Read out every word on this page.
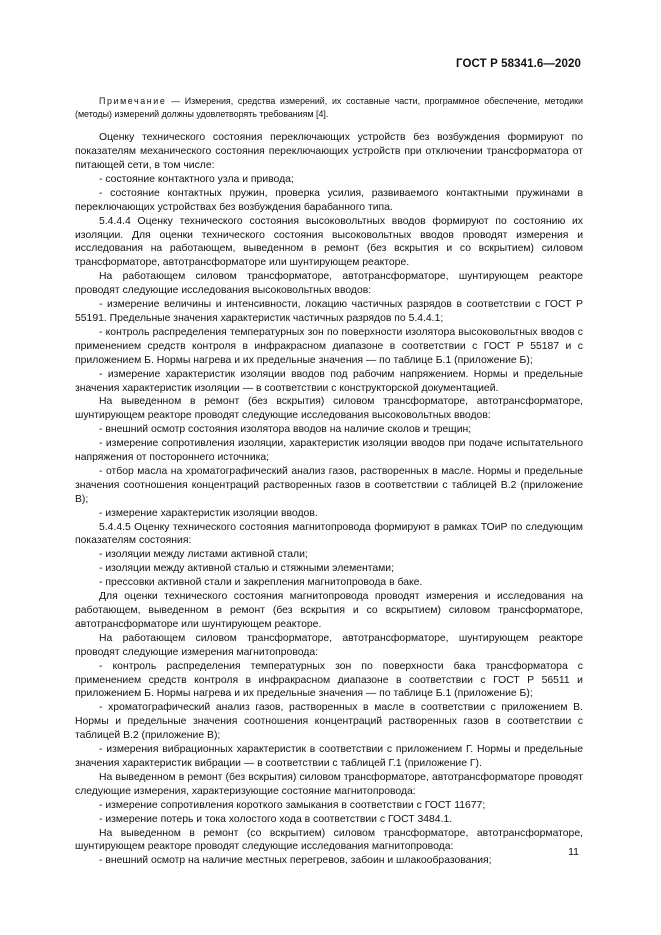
ГОСТ Р 58341.6—2020
Примечание — Измерения, средства измерений, их составные части, программное обеспечение, методики (методы) измерений должны удовлетворять требованиям [4].

Оценку технического состояния переключающих устройств без возбуждения формируют по показателям механического состояния переключающих устройств при отключении трансформатора от питающей сети, в том числе:

- состояние контактного узла и привода;

- состояние контактных пружин, проверка усилия, развиваемого контактными пружинами в переключающих устройствах без возбуждения барабанного типа.

5.4.4.4 Оценку технического состояния высоковольтных вводов формируют по состоянию их изоляции. Для оценки технического состояния высоковольтных вводов проводят измерения и исследования на работающем, выведенном в ремонт (без вскрытия и со вскрытием) силовом трансформаторе, автотрансформаторе или шунтирующем реакторе.

На работающем силовом трансформаторе, автотрансформаторе, шунтирующем реакторе проводят следующие исследования высоковольтных вводов:

- измерение величины и интенсивности, локацию частичных разрядов в соответствии с ГОСТ Р 55191. Предельные значения характеристик частичных разрядов по 5.4.4.1;

- контроль распределения температурных зон по поверхности изолятора высоковольтных вводов с применением средств контроля в инфракрасном диапазоне в соответствии с ГОСТ Р 55187 и с приложением Б. Нормы нагрева и их предельные значения — по таблице Б.1 (приложение Б);

- измерение характеристик изоляции вводов под рабочим напряжением. Нормы и предельные значения характеристик изоляции — в соответствии с конструкторской документацией.

На выведенном в ремонт (без вскрытия) силовом трансформаторе, автотрансформаторе, шунтирующем реакторе проводят следующие исследования высоковольтных вводов:

- внешний осмотр состояния изолятора вводов на наличие сколов и трещин;

- измерение сопротивления изоляции, характеристик изоляции вводов при подаче испытательного напряжения от постороннего источника;

- отбор масла на хроматографический анализ газов, растворенных в масле. Нормы и предельные значения соотношения концентраций растворенных газов в соответствии с таблицей В.2 (приложение В);

- измерение характеристик изоляции вводов.

5.4.4.5 Оценку технического состояния магнитопровода формируют в рамках ТОиР по следующим показателям состояния:

- изоляции между листами активной стали;

- изоляции между активной сталью и стяжными элементами;

- прессовки активной стали и закрепления магнитопровода в баке.

Для оценки технического состояния магнитопровода проводят измерения и исследования на работающем, выведенном в ремонт (без вскрытия и со вскрытием) силовом трансформаторе, автотрансформаторе или шунтирующем реакторе.

На работающем силовом трансформаторе, автотрансформаторе, шунтирующем реакторе проводят следующие измерения магнитопровода:

- контроль распределения температурных зон по поверхности бака трансформатора с применением средств контроля в инфракрасном диапазоне в соответствии с ГОСТ Р 56511 и приложением Б. Нормы нагрева и их предельные значения — по таблице Б.1 (приложение Б);

- хроматографический анализ газов, растворенных в масле в соответствии с приложением В. Нормы и предельные значения соотношения концентраций растворенных газов в соответствии с таблицей В.2 (приложение В);

- измерения вибрационных характеристик в соответствии с приложением Г. Нормы и предельные значения характеристик вибрации — в соответствии с таблицей Г.1 (приложение Г).

На выведенном в ремонт (без вскрытия) силовом трансформаторе, автотрансформаторе проводят следующие измерения, характеризующие состояние магнитопровода:

- измерение сопротивления короткого замыкания в соответствии с ГОСТ 11677;

- измерение потерь и тока холостого хода в соответствии с ГОСТ 3484.1.

На выведенном в ремонт (со вскрытием) силовом трансформаторе, автотрансформаторе, шунтирующем реакторе проводят следующие исследования магнитопровода:

- внешний осмотр на наличие местных перегревов, забоин и шлакообразования;

11
